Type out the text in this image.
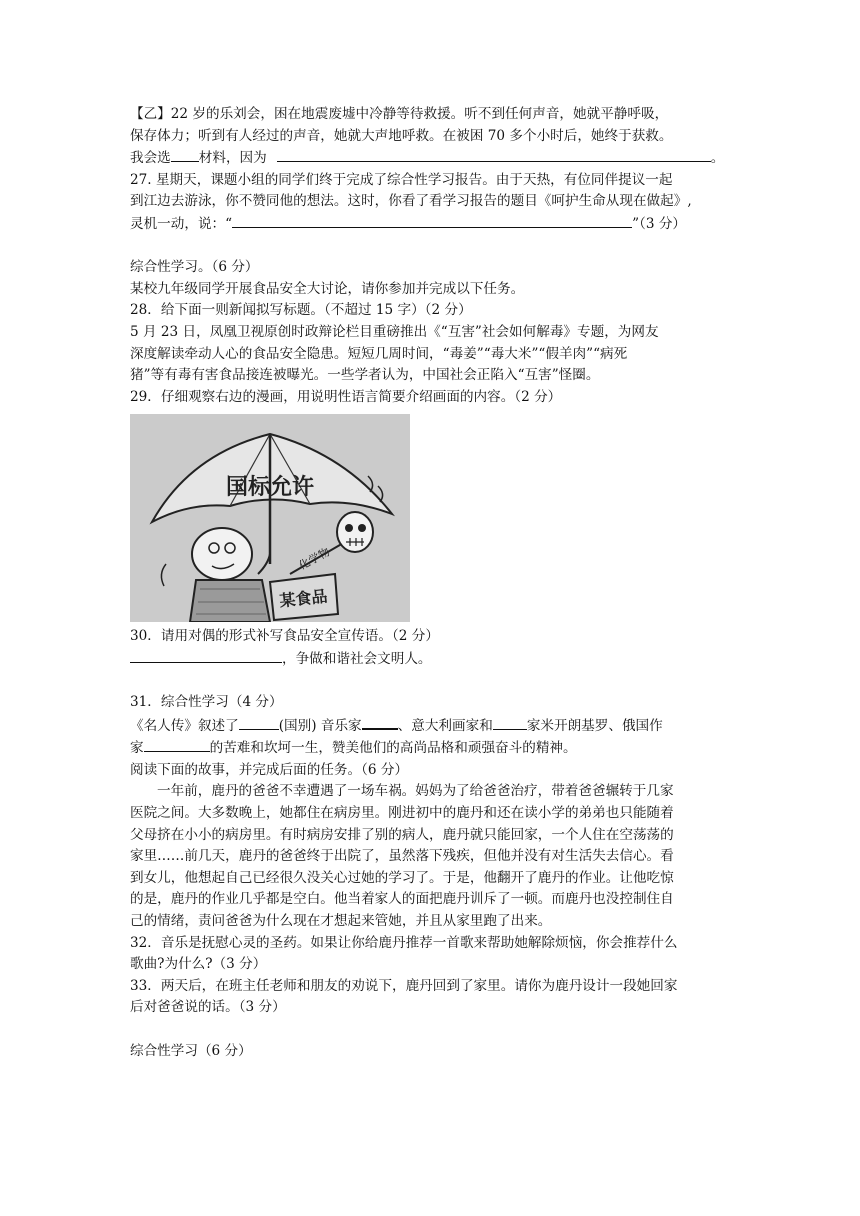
【乙】22 岁的乐刘会，困在地震废墟中冷静等待救援。听不到任何声音，她就平静呼吸，

保存体力；听到有人经过的声音，她就大声地呼救。在被困 70 多个小时后，她终于获救。

我会选 材料，因为	。

27. 星期天，课题小组的同学们终于完成了综合性学习报告。由于天热，有位同伴提议一起

到江边去游泳，你不赞同他的想法。这时，你看了看学习报告的题目《呵护生命从现在做起》,

灵机一动，说：“	”（3 分）

综合性学习。（6 分）

某校九年级同学开展食品安全大讨论，请你参加并完成以下任务。

28．给下面一则新闻拟写标题。（不超过 15 字）（2 分）

5 月 23 日，凤凰卫视原创时政辩论栏目重磅推出《“互害”社会如何解毒》专题，为网友

深度解读牵动人心的食品安全隐患。短短几周时间，“毒姜”“毒大米”“假羊肉”“病死

猪”等有毒有害食品接连被曝光。一些学者认为，中国社会正陷入“互害”怪圈。

29．仔细观察右边的漫画，用说明性语言简要介绍画面的内容。（2 分）

国标允许
化学物
某食品

30．请用对偶的形式补写食品安全宣传语。（2 分）

，争做和谐社会文明人。

31．综合性学习（4 分）

《名人传》叙述了	(国别) 音乐家	、意大利画家和	家米开朗基罗、俄国作

家	的苦难和坎坷一生，赞美他们的高尚品格和顽强奋斗的精神。

阅读下面的故事，并完成后面的任务。（6 分）

一年前，鹿丹的爸爸不幸遭遇了一场车祸。妈妈为了给爸爸治疗，带着爸爸辗转于几家

医院之间。大多数晚上，她都住在病房里。刚进初中的鹿丹和还在读小学的弟弟也只能随着

父母挤在小小的病房里。有时病房安排了别的病人，鹿丹就只能回家，一个人住在空荡荡的

家里……前几天，鹿丹的爸爸终于出院了，虽然落下残疾，但他并没有对生活失去信心。看

到女儿，他想起自己已经很久没关心过她的学习了。于是，他翻开了鹿丹的作业。让他吃惊

的是，鹿丹的作业几乎都是空白。他当着家人的面把鹿丹训斥了一顿。而鹿丹也没控制住自

己的情绪，责问爸爸为什么现在才想起来管她，并且从家里跑了出来。

32．音乐是抚慰心灵的圣药。如果让你给鹿丹推荐一首歌来帮助她解除烦恼，你会推荐什么

歌曲?为什么?（3 分）

33．两天后，在班主任老师和朋友的劝说下，鹿丹回到了家里。请你为鹿丹设计一段她回家

后对爸爸说的话。（3 分）

综合性学习（6 分）
